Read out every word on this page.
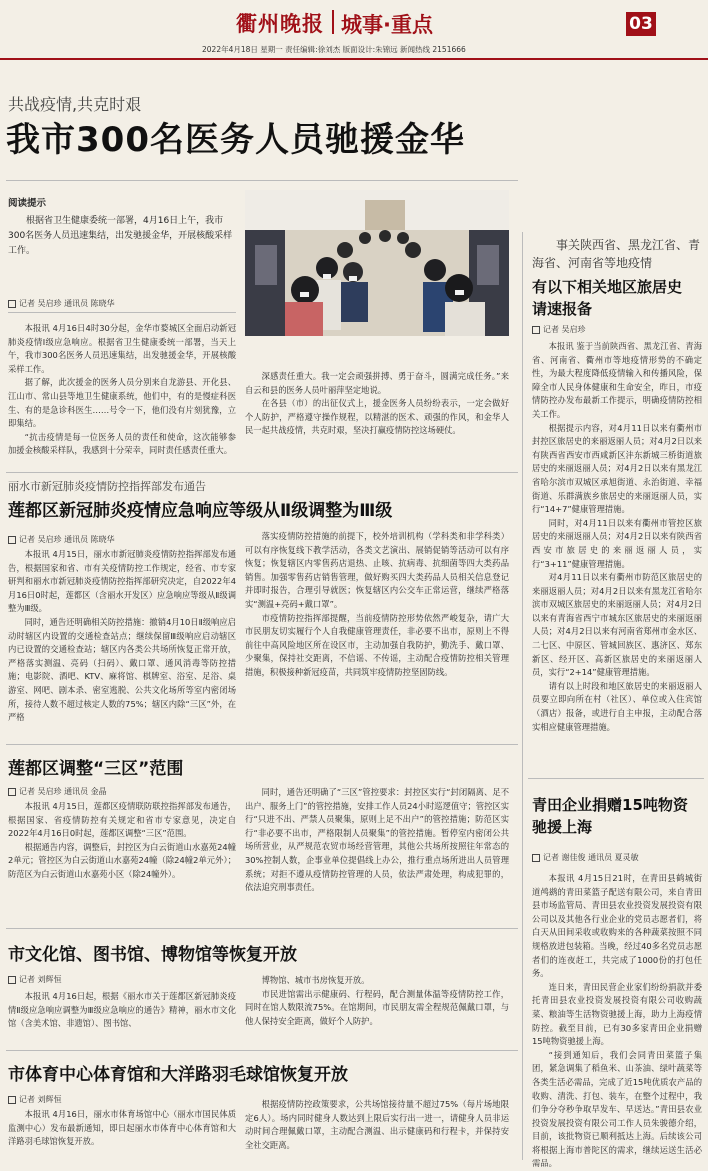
衢州晚报 城事·重点	03
2022年4月18日 星期一 责任编辑:徐刘杰 版面设计:朱锦远 新闻热线 2151666
共战疫情,共克时艰
我市300名医务人员驰援金华
阅读提示
根据省卫生健康委统一部署，4月16日上午，我市300名医务人员迅速集结，出发驰援金华，开展核酸采样工作。
记者 吴启珍 通讯员 陈晓华

本报讯 4月16日4时30分起，金华市婺城区全面启动新冠肺炎疫情I级应急响应。根据省卫生健康委统一部署，当天上午，我市300名医务人员迅速集结，出发驰援金华，开展核酸采样工作。

据了解，此次援金的医务人员分别来自龙游县、开化县、江山市、常山县等地卫生健康系统，他们中，有的是慢症科医生、有的是急诊科医生……号令一下，他们没有片刻犹豫，立即集结。

“抗击疫情是每一位医务人员的责任和使命，这次能够参加援金核酸采样队，我感到十分荣幸，同时责任感责任重大。

深感责任重大。我一定会顽强拼搏、勇于奋斗，圆满完成任务。”来自云和县的医务人员叶丽萍坚定地说。

在各县（市）的出征仪式上，援金医务人员纷纷表示，一定会做好个人防护，严格遵守操作规程，以精湛的医术、顽强的作风，和金华人民一起共战疫情，共克时艰，坚决打赢疫情防控这场硬仗。

丽水市新冠肺炎疫情防控指挥部发布通告
莲都区新冠肺炎疫情应急响应等级从Ⅱ级调整为Ⅲ级
记者 吴启珍 通讯员 陈晓华

本报讯 4月15日，丽水市新冠肺炎疫情防控指挥部发布通告，根据国家和省、市有关疫情防控工作规定，经省、市专家研判和丽水市新冠肺炎疫情防控指挥部研究决定，自2022年4月16日0时起，莲都区（含丽水开发区）应急响应等级从Ⅱ级调整为Ⅲ级。

同时，通告还明确相关防控措施：撤销4月10日Ⅱ级响应启动时辖区内设置的交通检查站点；继续保留Ⅲ级响应启动辖区内已设置的交通检查站；辖区内各类公共场所恢复正常开放，严格落实测温、亮码（扫码）、戴口罩、通风消毒等防控措施；电影院、酒吧、KTV、麻将馆、棋牌室、浴室、足浴、桌游室、网吧、剧本杀、密室逃脱、公共文化场所等室内密闭场所，接待人数不超过核定人数的75%；辖区内除“三区”外，在严格

落实疫情防控措施的前提下，校外培训机构（学科类和非学科类）可以有序恢复线下教学活动，各类文艺演出、展销促销等活动可以有序恢复；恢复辖区内零售药店退热、止咳、抗病毒、抗细菌等四大类药品销售。加强零售药店销售管理，做好购买四大类药品人员相关信息登记并即时报告，合理引导就医；恢复辖区内公交车正常运营，继续严格落实“测温+亮码+戴口罩”。

市疫情防控指挥部提醒，当前疫情防控形势依然严峻复杂，请广大市民朋友切实履行个人自我健康管理责任，非必要不出市，原则上不得前往中高风险地区所在设区市，主动加强自我防护，勤洗手、戴口罩、少聚集，保持社交距离，不信谣、不传谣，主动配合疫情防控相关管理措施，积极接种新冠疫苗，共同筑牢疫情防控坚固防线。

莲都区调整“三区”范围
记者 吴启珍 通讯员 金晶

本报讯 4月15日，莲都区疫情联防联控指挥部发布通告，根据国家、省疫情防控有关规定和省市专家意见，决定自2022年4月16日0时起，莲都区调整“三区”范围。

根据通告内容，调整后，封控区为白云街道山水嘉苑24幢2单元；管控区为白云街道山水嘉苑24幢（除24幢2单元外）；防范区为白云街道山水嘉苑小区（除24幢外）。

同时，通告还明确了“三区”管控要求：封控区实行“封闭隔离、足不出户、服务上门”的管控措施，安排工作人员24小时巡逻值守；管控区实行“只进不出、严禁人员聚集，原则上足不出户”的管控措施；防范区实行“非必要不出市，严格限制人员聚集”的管控措施。暂停室内密闭公共场所营业，从严规范农贸市场经营管理，其他公共场所按照往年常态的30%控制人数，企事业单位提倡线上办公，推行重点场所进出人员管理系统；对拒不遵从疫情防控管理的人员，依法严肃处理，构成犯罪的，依法追究刑事责任。

市文化馆、图书馆、博物馆等恢复开放
记者 刘辉恒

本报讯 4月16日起，根据《丽水市关于莲都区新冠肺炎疫情Ⅱ级应急响应调整为Ⅲ级应急响应的通告》精神，丽水市文化馆（含美术馆、非遗馆）、图书馆、

博物馆、城市书房恢复开放。

市民进馆需出示健康码、行程码，配合测量体温等疫情防控工作，同时在馆人数限流75%。在馆期间，市民朋友需全程规范佩戴口罩，与他人保持安全距离，做好个人防护。

市体育中心体育馆和大洋路羽毛球馆恢复开放
记者 刘辉恒

本报讯 4月16日，丽水市体育场馆中心（丽水市国民体质监测中心）发布最新通知，即日起丽水市体育中心体育馆和大洋路羽毛球馆恢复开放。

根据疫情防控政策要求，公共场馆接待量不超过75%（每片场地限定6人）。场内同时健身人数达到上限后实行出一进一，请健身人员非运动时间合理佩戴口罩，主动配合测温、出示健康码和行程卡，并保持安全社交距离。

事关陕西省、黑龙江省、青海省、河南省等地疫情
有以下相关地区旅居史请速报备
记者 吴启珍

本报讯 鉴于当前陕西省、黑龙江省、青海省、河南省、衢州市等地疫情形势的不确定性，为最大程度降低疫情输入和传播风险，保障全市人民身体健康和生命安全，昨日，市疫情防控办发布最新工作提示，明确疫情防控相关工作。

根据提示内容，对4月11日以来有衢州市封控区旅居史的来丽返丽人员；对4月2日以来有陕西省西安市西咸新区沣东新城三桥街道旅居史的来丽返丽人员；对4月2日以来有黑龙江省哈尔滨市双城区承旭街道、永治街道、幸福街道、乐群满族乡旅居史的来丽返丽人员，实行“14+7”健康管理措施。

同时，对4月11日以来有衢州市管控区旅居史的来丽返丽人员；对4月2日以来有陕西省西安市旅居史的来丽返丽人员，实行“3+11”健康管理措施。

对4月11日以来有衢州市防范区旅居史的来丽返丽人员；对4月2日以来有黑龙江省哈尔滨市双城区旅居史的来丽返丽人员；对4月2日以来有青海省西宁市城东区旅居史的来丽返丽人员；对4月2日以来有河南省郑州市金水区、二七区、中原区、管城回族区、惠济区、郑东新区、经开区、高新区旅居史的来丽返丽人员，实行“2+14”健康管理措施。

请有以上时段和地区旅居史的来丽返丽人员要立即向所在村（社区）、单位或入住宾馆（酒店）报备，或进行自主申报，主动配合落实相应健康管理措施。

青田企业捐赠15吨物资驰援上海
记者 谢佳俊 通讯员 夏灵敏

本报讯 4月15日21时，在青田县鹤城街道鸬鹚的青田菜篮子配送有限公司，来自青田县市场监管局、青田县农业投资发展投资有限公司以及其他各行业企业的党员志愿者们，将白天从田间采收或收购来的各种蔬菜按照不同规格放进包装箱。当晚，经过40多名党员志愿者们的连夜赶工，共完成了1000份的打包任务。

连日来，青田民营企业家们纷纷捐款并委托青田县农业投资发展投资有限公司收购蔬菜、粮油等生活物资驰援上海，助力上海疫情防控。截至目前，已有30多家青田企业捐赠15吨物资驰援上海。

“接到通知后，我们会同青田菜篮子集团，紧急调集了稻鱼米、山茶油、绿叶蔬菜等各类生活必需品，完成了近15吨优质农产品的收购、清洗、打包、装车，在整个过程中，我们争分夺秒争取早发车、早送达。”青田县农业投资发展投资有限公司工作人员朱骏德介绍，目前，该批物资已顺利抵达上海。后续该公司将根据上海市普陀区的需求，继续运送生活必需品。
